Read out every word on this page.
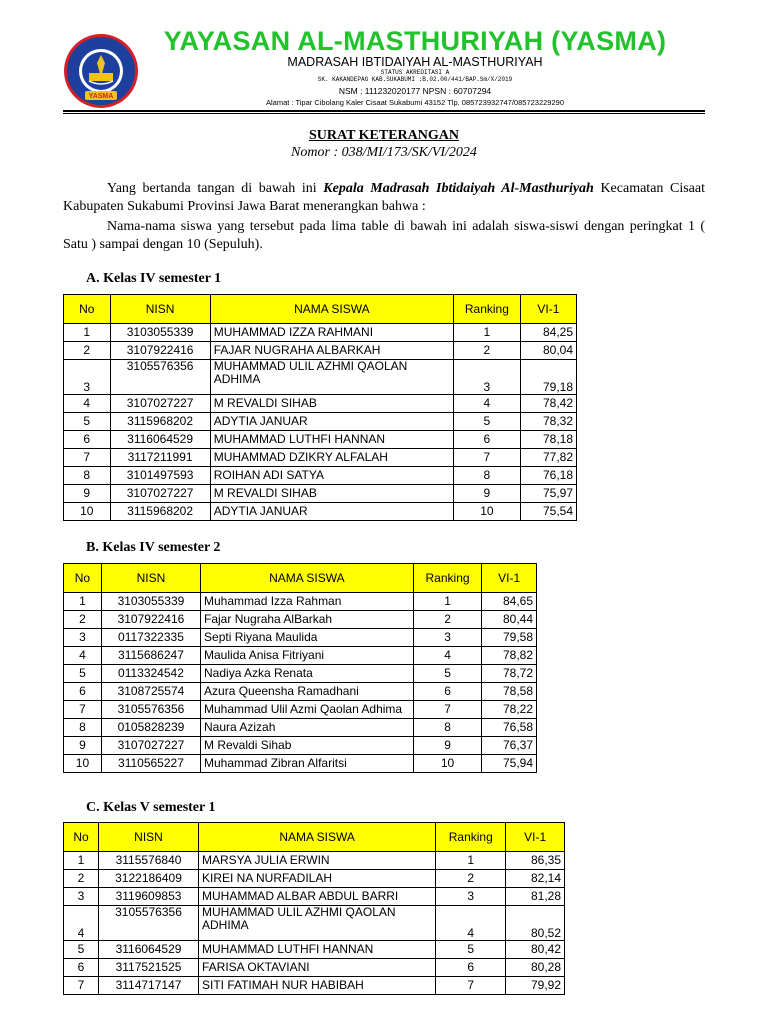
YASMA
YAYASAN AL-MASTHURIYAH (YASMA)
MADRASAH IBTIDAIYAH AL-MASTHURIYAH
STATUS AKREDITASI A
SK. KAKANDEPAG KAB.SUKABUMI :B.02.00/441/BAP.Sm/X/2019
NSM : 111232020177 NPSN : 60707294
Alamat : Tipar Cibolang Kaler Cisaat Sukabumi 43152 Tlp. 085723932747/085723229290
SURAT KETERANGAN
Nomor : 038/MI/173/SK/VI/2024
Yang bertanda tangan di bawah ini Kepala Madrasah Ibtidaiyah Al-Masthuriyah Kecamatan Cisaat Kabupaten Sukabumi Provinsi Jawa Barat menerangkan bahwa :
Nama-nama siswa yang tersebut pada lima table di bawah ini adalah siswa-siswi dengan peringkat 1 ( Satu ) sampai dengan 10 (Sepuluh).
A. Kelas IV semester 1
B. Kelas IV semester 2
C. Kelas V semester 1
No	NISN	NAMA SISWA	Ranking	VI-1
1	3103055339	MUHAMMAD IZZA RAHMANI	1	84,25
2	3107922416	FAJAR NUGRAHA ALBARKAH	2	80,04
3	3105576356	MUHAMMAD ULIL AZHMI QAOLAN ADHIMA	3	79,18
4	3107027227	M REVALDI SIHAB	4	78,42
5	3115968202	ADYTIA JANUAR	5	78,32
6	3116064529	MUHAMMAD LUTHFI HANNAN	6	78,18
7	3117211991	MUHAMMAD DZIKRY ALFALAH	7	77,82
8	3101497593	ROIHAN ADI SATYA	8	76,18
9	3107027227	M REVALDI SIHAB	9	75,97
10	3115968202	ADYTIA JANUAR	10	75,54
No	NISN	NAMA SISWA	Ranking	VI-1
1	3103055339	Muhammad Izza Rahman	1	84,65
2	3107922416	Fajar Nugraha AlBarkah	2	80,44
3	0117322335	Septi Riyana Maulida	3	79,58
4	3115686247	Maulida Anisa Fitriyani	4	78,82
5	0113324542	Nadiya Azka Renata	5	78,72
6	3108725574	Azura Queensha Ramadhani	6	78,58
7	3105576356	Muhammad Ulil Azmi Qaolan Adhima	7	78,22
8	0105828239	Naura Azizah	8	76,58
9	3107027227	M Revaldi Sihab	9	76,37
10	3110565227	Muhammad Zibran Alfaritsi	10	75,94
No	NISN	NAMA SISWA	Ranking	VI-1
1	3115576840	MARSYA JULIA ERWIN	1	86,35
2	3122186409	KIREI NA NURFADILAH	2	82,14
3	3119609853	MUHAMMAD ALBAR ABDUL BARRI	3	81,28
4	3105576356	MUHAMMAD ULIL AZHMI QAOLAN ADHIMA	4	80,52
5	3116064529	MUHAMMAD LUTHFI HANNAN	5	80,42
6	3117521525	FARISA OKTAVIANI	6	80,28
7	3114717147	SITI FATIMAH NUR HABIBAH	7	79,92
